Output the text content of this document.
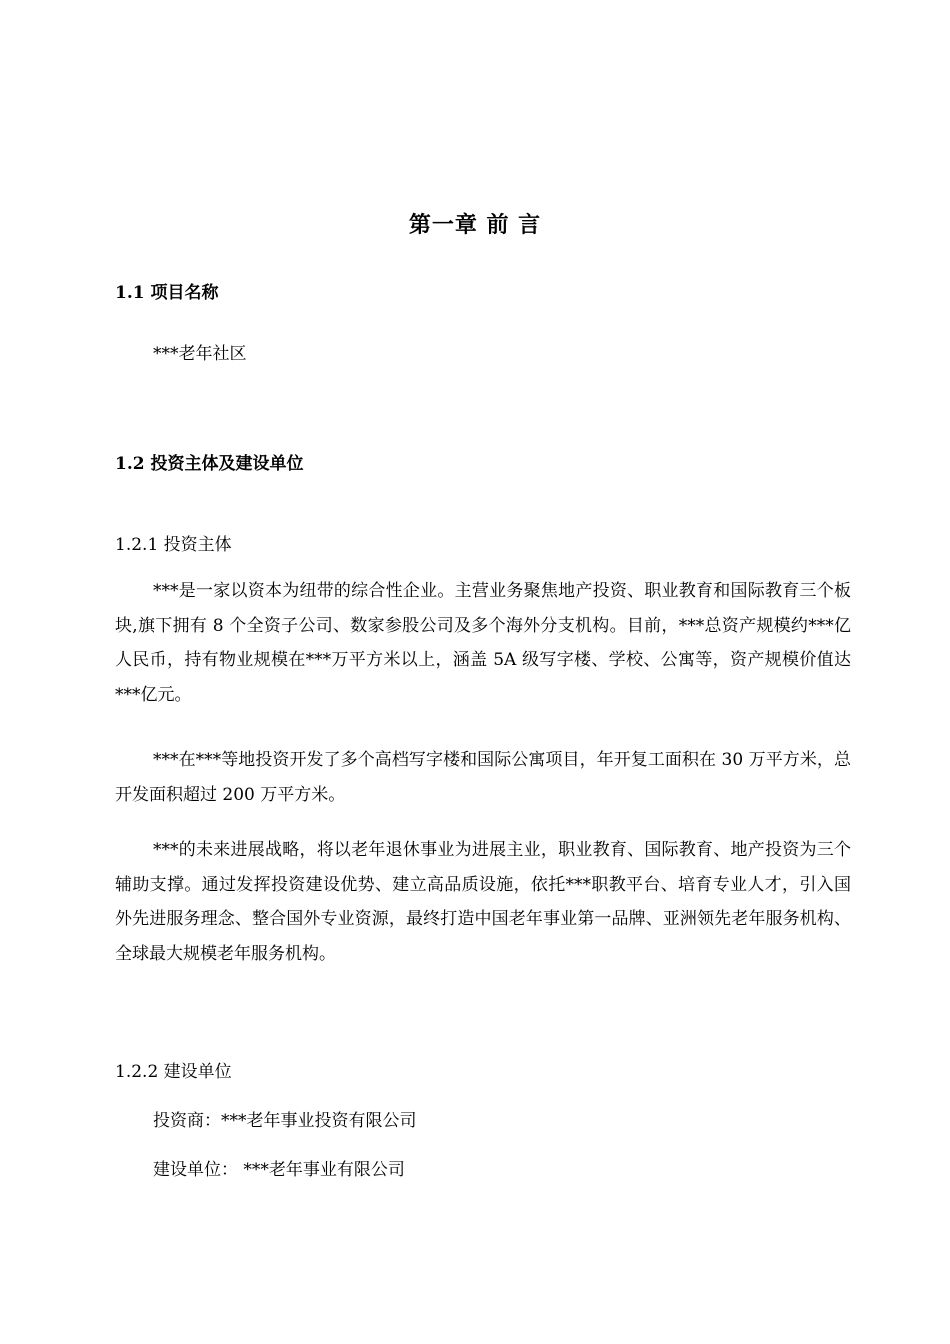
第一章 前 言
1.1 项目名称

***老年社区

1.2 投资主体及建设单位
1.2.1 投资主体

***是一家以资本为纽带的综合性企业。主营业务聚焦地产投资、职业教育和国际教育三个板块,旗下拥有 8 个全资子公司、数家参股公司及多个海外分支机构。目前，***总资产规模约***亿人民币，持有物业规模在***万平方米以上，涵盖 5A 级写字楼、学校、公寓等，资产规模价值达***亿元。

***在***等地投资开发了多个高档写字楼和国际公寓项目，年开复工面积在 30 万平方米，总开发面积超过 200 万平方米。

***的未来进展战略，将以老年退休事业为进展主业，职业教育、国际教育、地产投资为三个辅助支撑。通过发挥投资建设优势、建立高品质设施，依托***职教平台、培育专业人才，引入国外先进服务理念、整合国外专业资源，最终打造中国老年事业第一品牌、亚洲领先老年服务机构、全球最大规模老年服务机构。

1.2.2 建设单位

投资商：***老年事业投资有限公司

建设单位： ***老年事业有限公司
